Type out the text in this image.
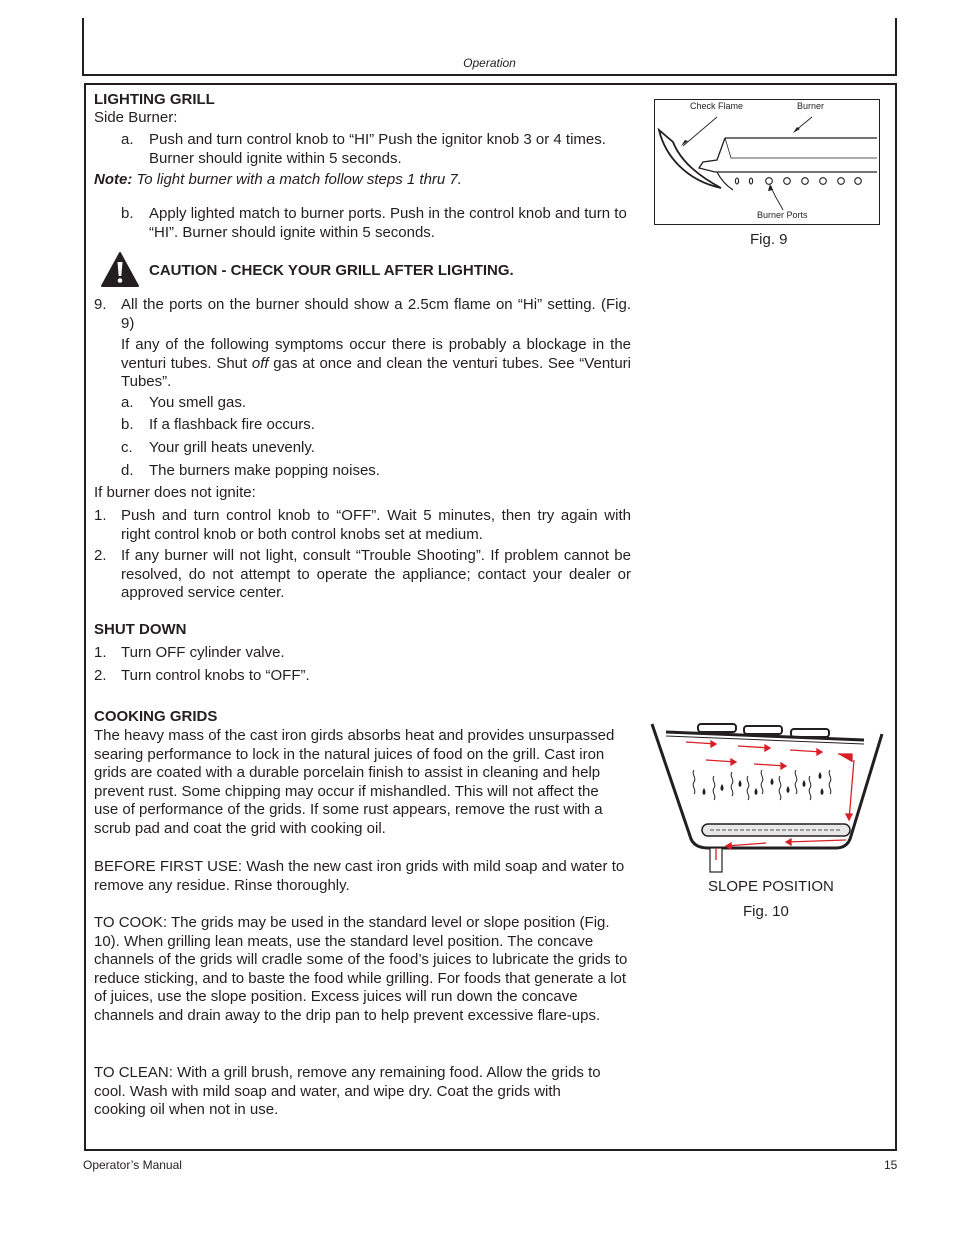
Operation
LIGHTING GRILL
Side Burner:
a. Push and turn control knob to “HI” Push the ignitor knob 3 or 4 times. Burner should ignite within 5 seconds.
Note: To light burner with a match follow steps 1 thru 7.
b. Apply lighted match to burner ports. Push in the control knob and turn to “HI”. Burner should ignite within 5 seconds.
CAUTION - CHECK YOUR GRILL AFTER LIGHTING.
9. All the ports on the burner should show a 2.5cm flame on “Hi” setting. (Fig. 9)
If any of the following symptoms occur there is probably a blockage in the venturi tubes. Shut off gas at once and clean the venturi tubes. See “Venturi Tubes”.
a. You smell gas.
b. If a flashback fire occurs.
c. Your grill heats unevenly.
d. The burners make popping noises.
If burner does not ignite:
1. Push and turn control knob to “OFF”. Wait 5 minutes, then try again with right control knob or both control knobs set at medium.
2. If any burner will not light, consult “Trouble Shooting”. If problem cannot be resolved, do not attempt to operate the appliance; contact your dealer or approved service center.
SHUT DOWN
1. Turn OFF cylinder valve.
2. Turn control knobs to “OFF”.
COOKING GRIDS
The heavy mass of the cast iron girds absorbs heat and provides unsurpassed searing performance to lock in the natural juices of food on the grill. Cast iron grids are coated with a durable porcelain finish to assist in cleaning and help prevent rust. Some chipping may occur if mishandled. This will not affect the use of performance of the grids. If some rust appears, remove the rust with a scrub pad and coat the grid with cooking oil.
BEFORE FIRST USE: Wash the new cast iron grids with mild soap and water to remove any residue. Rinse thoroughly.
TO COOK: The grids may be used in the standard level or slope position (Fig. 10). When grilling lean meats, use the standard level position. The concave channels of the grids will cradle some of the food’s juices to lubricate the grids to reduce sticking, and to baste the food while grilling. For foods that generate a lot of juices, use the slope position. Excess juices will run down the concave channels and drain away to the drip pan to help prevent excessive flare-ups.
TO CLEAN: With a grill brush, remove any remaining food. Allow the grids to cool. Wash with mild soap and water, and wipe dry. Coat the grids with cooking oil when not in use.
Check Flame	Burner
Burner Ports
Fig. 9
SLOPE POSITION
Fig. 10
Operator’s Manual	15
